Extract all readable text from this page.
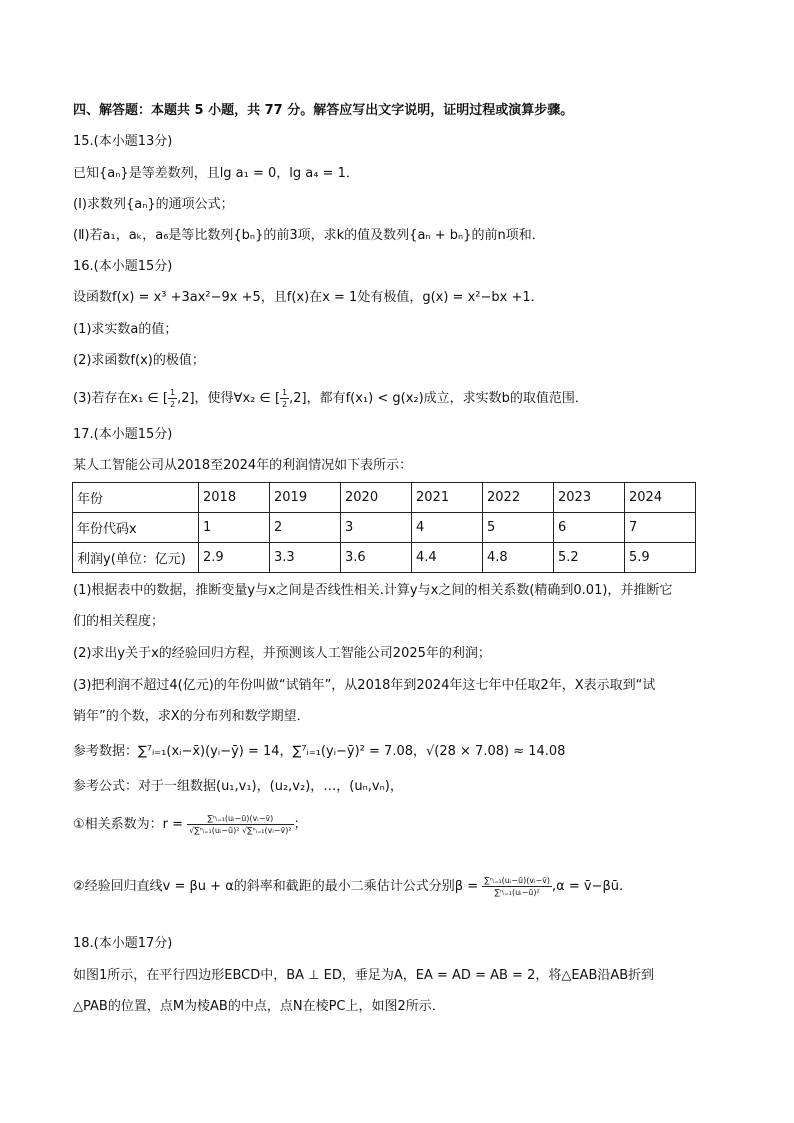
四、解答题：本题共 5 小题，共 77 分。解答应写出文字说明，证明过程或演算步骤。
15.(本小题13分)
已知{aₙ}是等差数列，且lg a₁ = 0，lg a₄ = 1．
(Ⅰ)求数列{aₙ}的通项公式；
(Ⅱ)若a₁，aₖ，a₆是等比数列{bₙ}的前3项，求k的值及数列{aₙ + bₙ}的前n项和．
16.(本小题15分)
设函数f(x) = x³ +3ax²−9x +5，且f(x)在x = 1处有极值，g(x) = x²−bx +1．
(1)求实数a的值；
(2)求函数f(x)的极值；
(3)若存在x₁ ∈ [ $\frac{1}{2} ,2$]，使得∀x₂ ∈ [ $\frac{1}{2} ,2$]，都有f(x₁) < g(x₂)成立，求实数b的取值范围．
17.(本小题15分)
某人工智能公司从2018至2024年的利润情况如下表所示：
年份	2018	2019	2020	2021	2022	2023	2024
年份代码x	1	2	3	4	5	6	7
利润y(单位：亿元)	2.9	3.3	3.6	4.4	4.8	5.2	5.9
(1)根据表中的数据，推断变量y与x之间是否线性相关.计算y与x之间的相关系数(精确到0.01)，并推断它
们的相关程度；
(2)求出y关于x的经验回归方程，并预测该人工智能公司2025年的利润；
(3)把利润不超过4(亿元)的年份叫做“试销年”，从2018年到2024年这七年中任取2年，X表示取到“试
销年”的个数，求X的分布列和数学期望．
参考数据：∑⁷ᵢ₌₁(xᵢ−x̄)(yᵢ−ȳ) = 14，∑⁷ᵢ₌₁(yᵢ−ȳ)² = 7.08，√(28 × 7.08) ≈ 14.08
参考公式：对于一组数据(u₁,v₁)，(u₂,v₂)，…，(uₙ,vₙ)，
①相关系数为：$r = \frac{\text{∑ⁿᵢ₌₁(uᵢ−ū)(vᵢ−v̄)}}{\text{√∑ⁿᵢ₌₁(uᵢ−ū)² √∑ⁿᵢ₌₁(vᵢ−v̄)²}}$ ；
②经验回归直线v = βu + α的斜率和截距的最小二乘估计公式分别$\beta = \frac{\text{∑ⁿᵢ₌₁(uᵢ−ū)(vᵢ−v̄)}}{\text{∑ⁿᵢ₌₁(uᵢ−ū)²}} ,\alpha$ = v̄−βū.
18.(本小题17分)
如图1所示，在平行四边形EBCD中，BA ⊥ ED，垂足为A，EA = AD = AB = 2，将△EAB沿AB折到
△PAB的位置，点M为棱AB的中点，点N在棱PC上，如图2所示．
